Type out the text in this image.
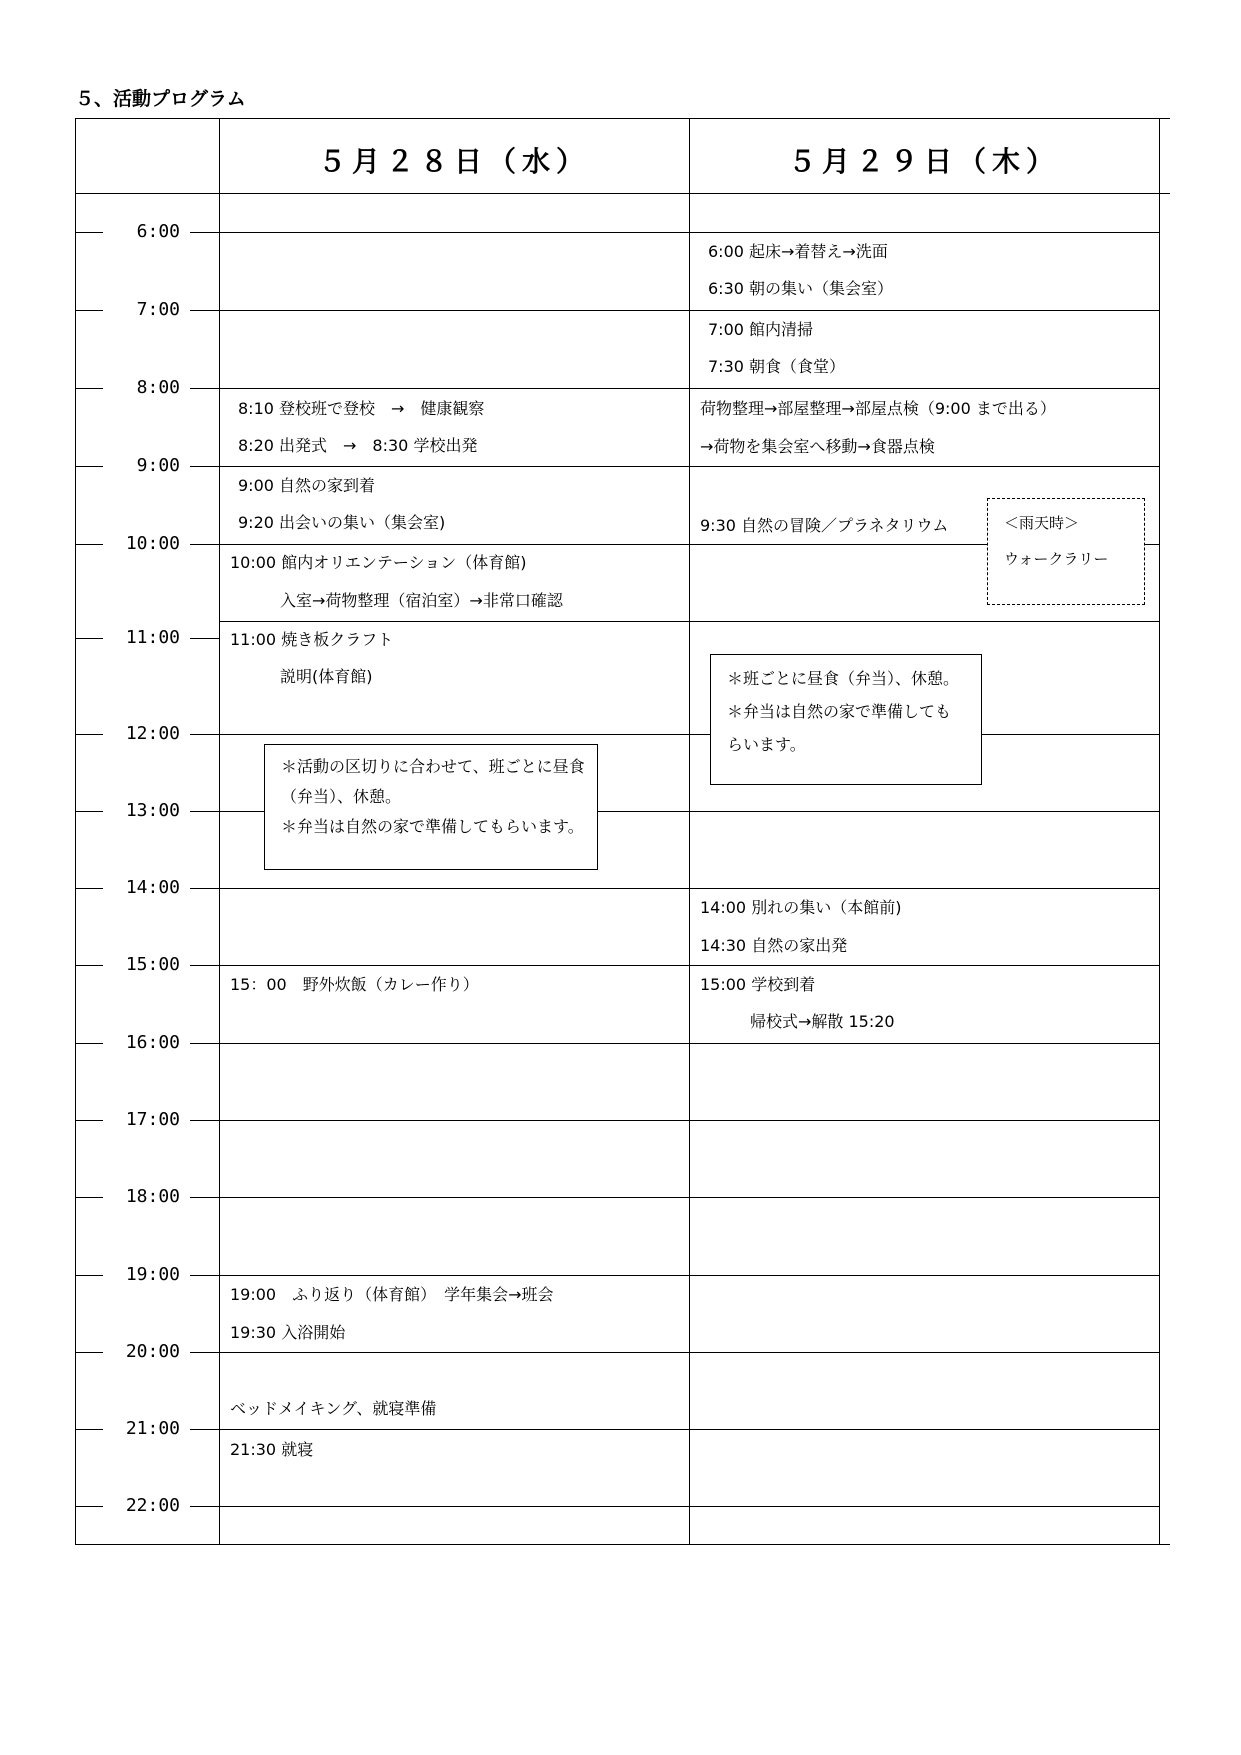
５、活動プログラム
５月２８日（水）	５月２９日（木）
6:00
7:00
8:00
9:00
10:00
11:00
12:00
13:00
14:00
15:00
16:00
17:00
18:00
19:00
20:00
21:00
22:00
8:10 登校班で登校　→　健康観察
8:20 出発式　→　8:30 学校出発
9:00 自然の家到着
9:20 出会いの集い（集会室)
10:00 館内オリエンテーション（体育館)
入室→荷物整理（宿泊室）→非常口確認
11:00 焼き板クラフト
説明(体育館)
＊活動の区切りに合わせて、班ごとに昼食
（弁当）、休憩。
＊弁当は自然の家で準備してもらいます。
15：00　野外炊飯（カレー作り）
19:00　ふり返り（体育館）　学年集会→班会
19:30 入浴開始
ベッドメイキング、就寝準備
21:30 就寝
6:00 起床→着替え→洗面
6:30 朝の集い（集会室）
7:00 館内清掃
7:30 朝食（食堂）
荷物整理→部屋整理→部屋点検（9:00 まで出る）
→荷物を集会室へ移動→食器点検
9:30 自然の冒険／プラネタリウム	＜雨天時＞
ウォークラリー
＊班ごとに昼食（弁当）、休憩。
＊弁当は自然の家で準備しても
らいます。
14:00 別れの集い（本館前)
14:30 自然の家出発
15:00 学校到着
帰校式→解散 15:20
